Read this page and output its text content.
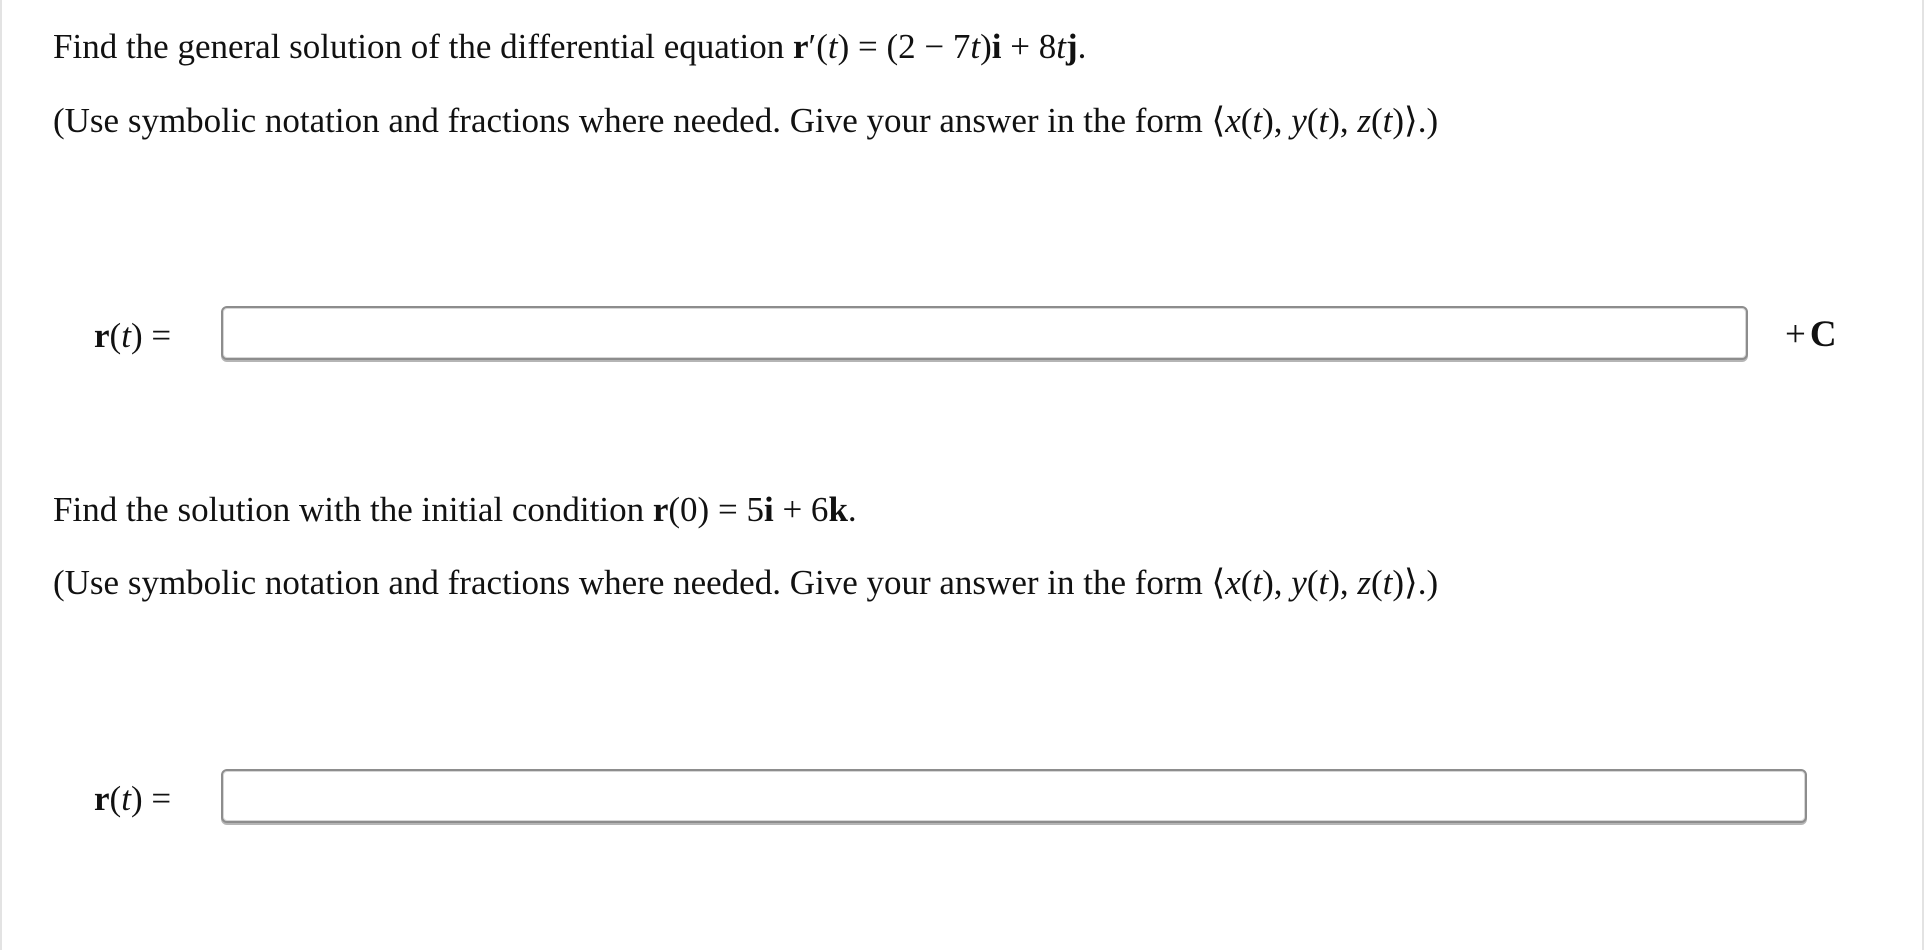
Find the general solution of the differential equation r′(t) = (2 − 7t)i + 8tj.
(Use symbolic notation and fractions where needed. Give your answer in the form ⟨x(t), y(t), z(t)⟩.)
r(t) =	+ C
Find the solution with the initial condition r(0) = 5i + 6k.
(Use symbolic notation and fractions where needed. Give your answer in the form ⟨x(t), y(t), z(t)⟩.)
r(t) =
